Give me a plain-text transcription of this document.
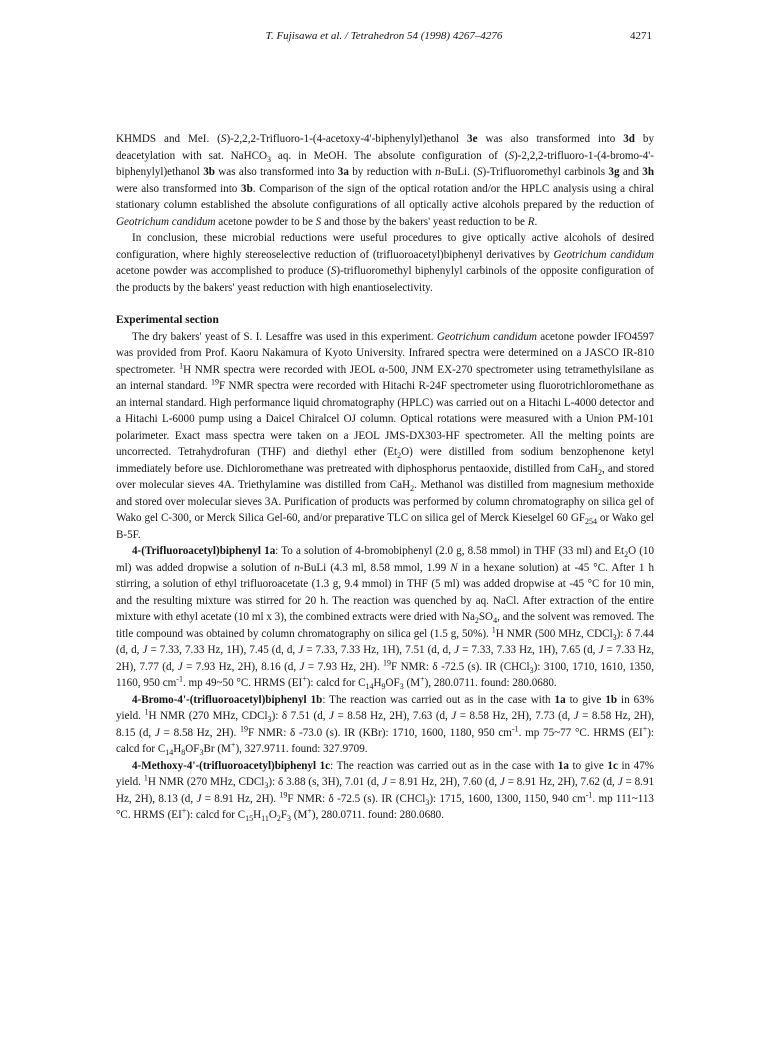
T. Fujisawa et al. / Tetrahedron 54 (1998) 4267–4276	4271

KHMDS and MeI. (S)-2,2,2-Trifluoro-1-(4-acetoxy-4'-biphenylyl)ethanol 3e was also transformed into 3d by deacetylation with sat. NaHCO$_3$ aq. in MeOH. The absolute configuration of (S)-2,2,2-trifluoro-1-(4-bromo-4'-biphenylyl)ethanol 3b was also transformed into 3a by reduction with n-BuLi. (S)-Trifluoromethyl carbinols 3g and 3h were also transformed into 3b. Comparison of the sign of the optical rotation and/or the HPLC analysis using a chiral stationary column established the absolute configurations of all optically active alcohols prepared by the reduction of Geotrichum candidum acetone powder to be S and those by the bakers' yeast reduction to be R.

In conclusion, these microbial reductions were useful procedures to give optically active alcohols of desired configuration, where highly stereoselective reduction of (trifluoroacetyl)biphenyl derivatives by Geotrichum candidum acetone powder was accomplished to produce (S)-trifluoromethyl biphenylyl carbinols of the opposite configuration of the products by the bakers' yeast reduction with high enantioselectivity.

Experimental section

The dry bakers' yeast of S. I. Lesaffre was used in this experiment. Geotrichum candidum acetone powder IFO4597 was provided from Prof. Kaoru Nakamura of Kyoto University. Infrared spectra were determined on a JASCO IR-810 spectrometer. $^1$H NMR spectra were recorded with JEOL α-500, JNM EX-270 spectrometer using tetramethylsilane as an internal standard. $^{19}$F NMR spectra were recorded with Hitachi R-24F spectrometer using fluorotrichloromethane as an internal standard. High performance liquid chromatography (HPLC) was carried out on a Hitachi L-4000 detector and a Hitachi L-6000 pump using a Daicel Chiralcel OJ column. Optical rotations were measured with a Union PM-101 polarimeter. Exact mass spectra were taken on a JEOL JMS-DX303-HF spectrometer. All the melting points are uncorrected. Tetrahydrofuran (THF) and diethyl ether $(Et_2O)$ were distilled from sodium benzophenone ketyl immediately before use. Dichloromethane was pretreated with diphosphorus pentaoxide, distilled from CaH$_2$, and stored over molecular sieves 4A. Triethylamine was distilled from CaH$_2$. Methanol was distilled from magnesium methoxide and stored over molecular sieves 3A. Purification of products was performed by column chromatography on silica gel of Wako gel C-300, or Merck Silica Gel-60, and/or preparative TLC on silica gel of Merck Kieselgel 60 $GF_{254}$ or Wako gel B-5F.

4-(Trifluoroacetyl)biphenyl 1a: To a solution of 4-bromobiphenyl (2.0 g, 8.58 mmol) in THF (33 ml) and $Et_2O$ (10 ml) was added dropwise a solution of n-BuLi (4.3 ml, 8.58 mmol, 1.99 N in a hexane solution) at -45 °C. After 1 h stirring, a solution of ethyl trifluoroacetate (1.3 g, 9.4 mmol) in THF (5 ml) was added dropwise at -45 °C for 10 min, and the resulting mixture was stirred for 20 h. The reaction was quenched by aq. NaCl. After extraction of the entire mixture with ethyl acetate (10 ml x 3), the combined extracts were dried with $Na_2SO_4$, and the solvent was removed. The title compound was obtained by column chromatography on silica gel (1.5 g, 50%). $^1$H NMR (500 MHz, CDCl$_3$): δ 7.44 (d, d, J = 7.33, 7.33 Hz, 1H), 7.45 (d, d, J = 7.33, 7.33 Hz, 1H), 7.51 (d, d, J = 7.33, 7.33 Hz, 1H), 7.65 (d, J = 7.33 Hz, 2H), 7.77 (d, J = 7.93 Hz, 2H), 8.16 (d, J = 7.93 Hz, 2H). $^{19}$F NMR: δ -72.5 (s). IR (CHCl$_3$): 3100, 1710, 1610, 1350, 1160, 950 $cm^{-1}$. mp 49~50 °C. HRMS (EI+): calcd for $C_{14}H_9OF_3$ (M+), 280.0711. found: 280.0680.

4-Bromo-4'-(trifluoroacetyl)biphenyl 1b: The reaction was carried out as in the case with 1a to give 1b in 63% yield. $^1$H NMR (270 MHz, CDCl$_3$): δ 7.51 (d, J = 8.58 Hz, 2H), 7.63 (d, J = 8.58 Hz, 2H), 7.73 (d, J = 8.58 Hz, 2H), 8.15 (d, J = 8.58 Hz, 2H). $^{19}$F NMR: δ -73.0 (s). IR (KBr): 1710, 1600, 1180, 950 $cm^{-1}$. mp 75~77 °C. HRMS (EI+): calcd for $C_{14}H_8OF_3Br$ (M+), 327.9711. found: 327.9709.

4-Methoxy-4'-(trifluoroacetyl)biphenyl 1c: The reaction was carried out as in the case with 1a to give 1c in 47% yield. $^1$H NMR (270 MHz, CDCl$_3$): δ 3.88 (s, 3H), 7.01 (d, J = 8.91 Hz, 2H), 7.60 (d, J = 8.91 Hz, 2H), 7.62 (d, J = 8.91 Hz, 2H), 8.13 (d, J = 8.91 Hz, 2H). $^{19}$F NMR: δ -72.5 (s). IR (CHCl$_3$): 1715, 1600, 1300, 1150, 940 $cm^{-1}$. mp 111~113 °C. HRMS (EI+): calcd for $C_{15}H_{11}O_2F_3$ (M+), 280.0711. found: 280.0680.
